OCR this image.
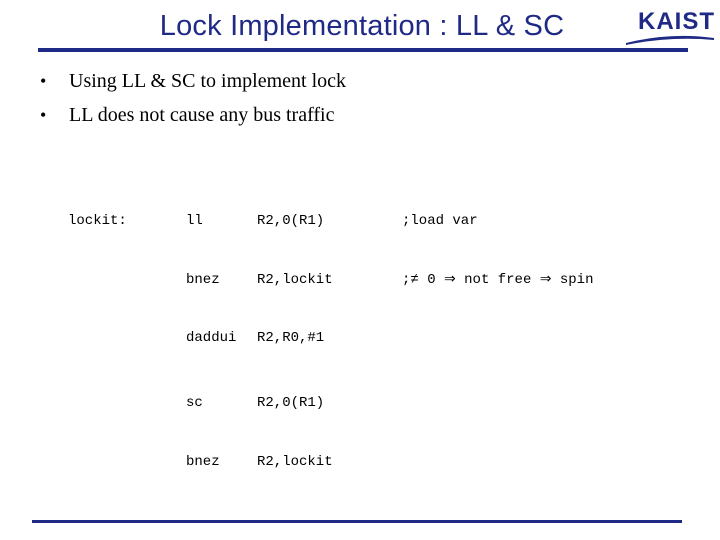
Lock Implementation : LL & SC	KAIST
• Using LL & SC to implement lock
• LL does not cause any bus traffic

lockit:

	ll

bnez

daddui

sc

bnez

R2,0(R1)

R2,lockit

R2,R0,#1

R2,0(R1)

R2,lockit

;load var

;≠ 0 ⇒ not free ⇒ spin
